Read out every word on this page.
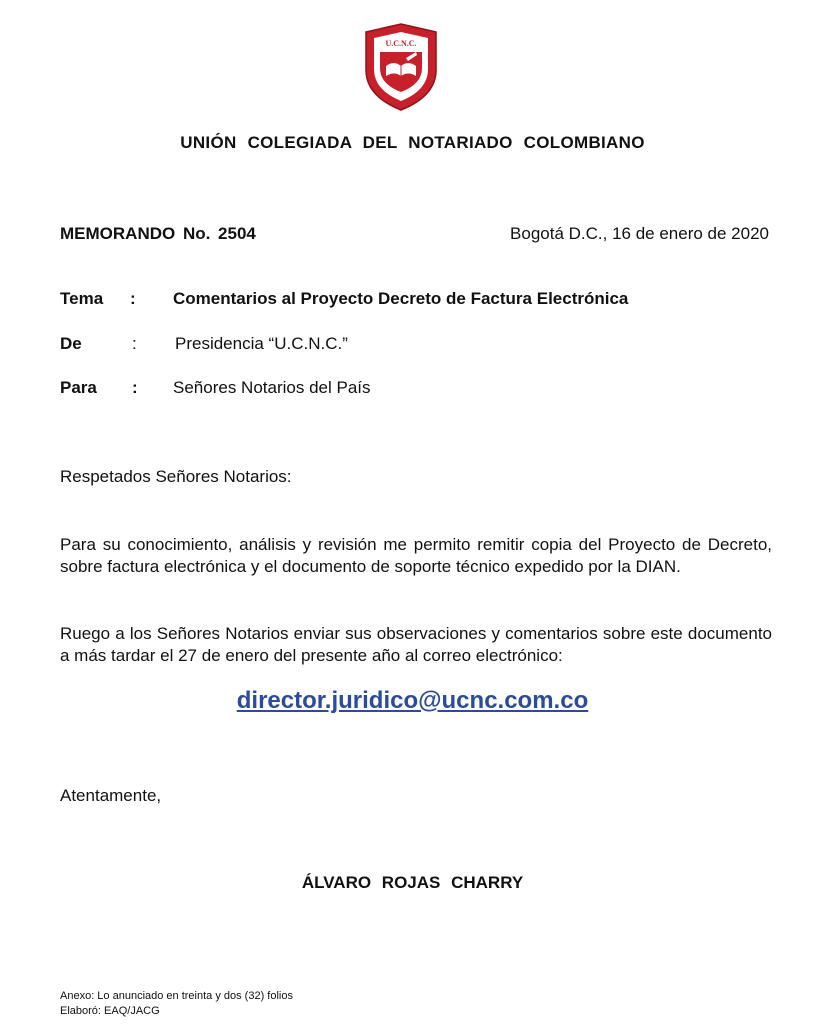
U.C.N.C.
UNIÓN COLEGIADA DEL NOTARIADO COLOMBIANO
MEMORANDO No. 2504	Bogotá D.C., 16 de enero de 2020
Tema : Comentarios al Proyecto Decreto de Factura Electrónica
De	: Presidencia “U.C.N.C.”
Para : Señores Notarios del País
Respetados Señores Notarios:
Para su conocimiento, análisis y revisión me permito remitir copia del Proyecto de Decreto, sobre factura electrónica y el documento de soporte técnico expedido por la DIAN.
Ruego a los Señores Notarios enviar sus observaciones y comentarios sobre este documento a más tardar el 27 de enero del presente año al correo electrónico:
director.juridico@ucnc.com.co
Atentamente,
ÁLVARO ROJAS CHARRY
Anexo: Lo anunciado en treinta y dos (32) folios
Elaboró: EAQ/JACG
